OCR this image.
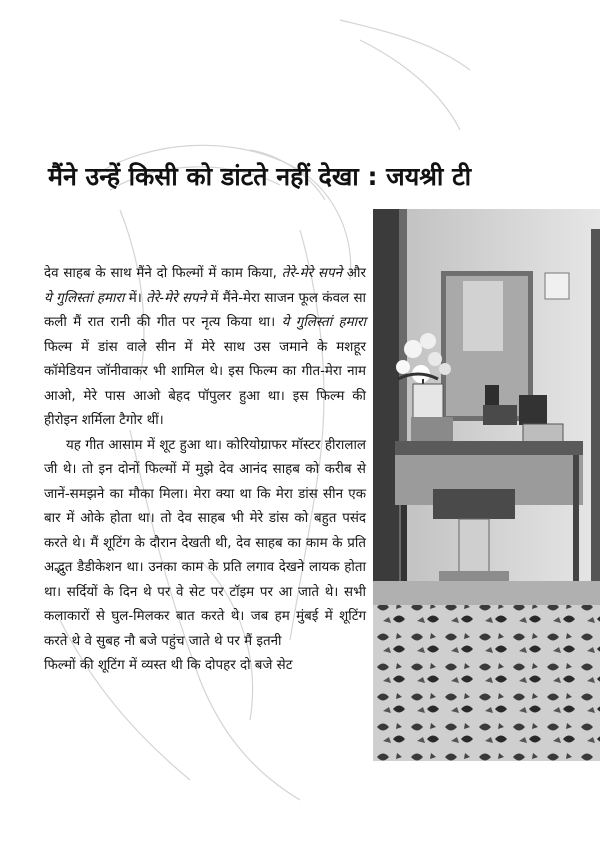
मैंने उन्हें किसी को डांटते नहीं देखा : जयश्री टी

देव साहब के साथ मैंने दो फिल्मों में काम किया, तेरे-मेरे सपने और ये गुलिस्तां हमारा में। तेरे-मेरे सपने में मैंने-मेरा साजन फूल कंवल सा कली मैं रात रानी की गीत पर नृत्य किया था। ये गुलिस्तां हमारा फिल्म में डांस वाले सीन में मेरे साथ उस जमाने के मशहूर कॉमेडियन जॉनीवाकर भी शामिल थे। इस फिल्म का गीत-मेरा नाम आओ, मेरे पास आओ बेहद पॉपुलर हुआ था। इस फिल्म की हीरोइन शर्मिला टैगोर थीं।

यह गीत आसाम में शूट हुआ था। कोरियोग्राफर मॉस्टर हीरालाल जी थे। तो इन दोनों फिल्मों में मुझे देव आनंद साहब को करीब से जानें-समझने का मौका मिला। मेरा क्या था कि मेरा डांस सीन एक बार में ओके होता था। तो देव साहब भी मेरे डांस को बहुत पसंद करते थे। मैं शूटिंग के दौरान देखती थी, देव साहब का काम के प्रति अद्भुत डैडीकेशन था। उनका काम के प्रति लगाव देखने लायक होता था। सर्दियों के दिन थे पर वे सेट पर टॉइम पर आ जाते थे। सभी कलाकारों से घुल-मिलकर बात करते थे। जब हम मुंबई में शूटिंग करते थे वे सुबह नौ बजे पहुंच जाते थे पर मैं इतनी

फिल्मों की शूटिंग में व्यस्त थी कि दोपहर दो बजे सेट
